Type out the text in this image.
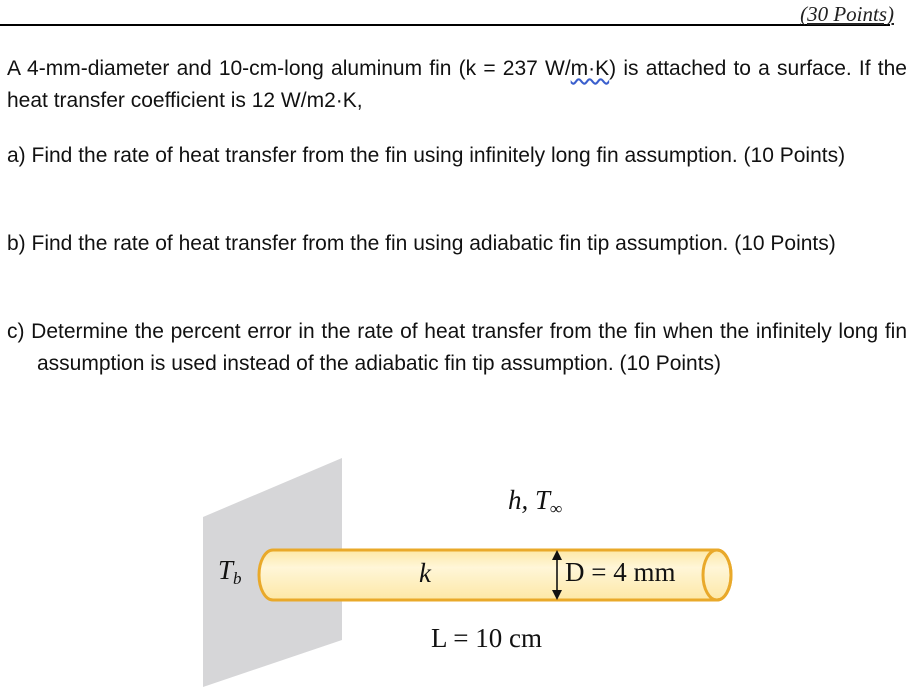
(30 Points)
A 4-mm-diameter and 10-cm-long aluminum fin (k = 237 W/m·K) is attached to a surface. If the heat transfer coefficient is 12 W/m2·K,
a) Find the rate of heat transfer from the fin using infinitely long fin assumption. (10 Points)
b) Find the rate of heat transfer from the fin using adiabatic fin tip assumption. (10 Points)
c) Determine the percent error in the rate of heat transfer from the fin when the infinitely long fin assumption is used instead of the adiabatic fin tip assumption. (10 Points)
h, $T_\infty$
$T_b$	k	D = 4 mm
L = 10 cm
